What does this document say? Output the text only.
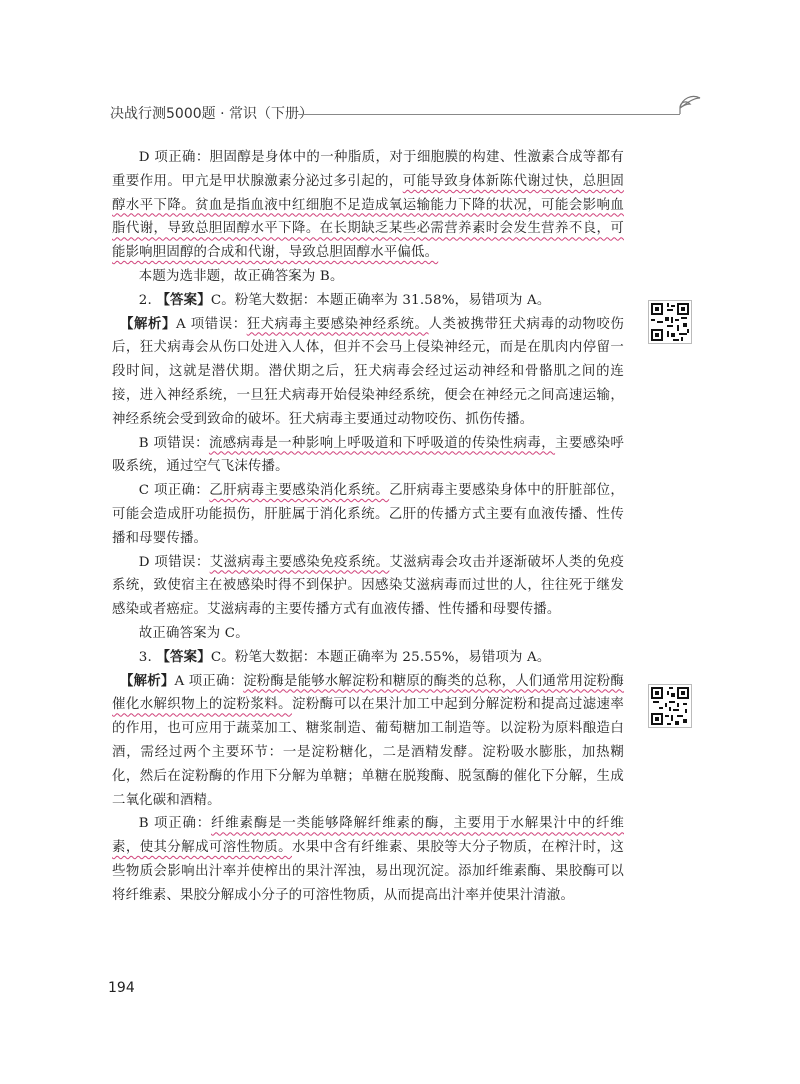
决战行测5000题 · 常识（下册）

D 项正确：胆固醇是身体中的一种脂质，对于细胞膜的构建、性激素合成等都有重要作用。甲亢是甲状腺激素分泌过多引起的，可能导致身体新陈代谢过快，总胆固醇水平下降。贫血是指血液中红细胞不足造成氧运输能力下降的状况，可能会影响血脂代谢，导致总胆固醇水平下降。在长期缺乏某些必需营养素时会发生营养不良，可能影响胆固醇的合成和代谢，导致总胆固醇水平偏低。

本题为选非题，故正确答案为 B。

2. 【答案】C。粉笔大数据：本题正确率为 31.58%，易错项为 A。

【解析】A 项错误：狂犬病毒主要感染神经系统。人类被携带狂犬病毒的动物咬伤后，狂犬病毒会从伤口处进入人体，但并不会马上侵染神经元，而是在肌肉内停留一段时间，这就是潜伏期。潜伏期之后，狂犬病毒会经过运动神经和骨骼肌之间的连接，进入神经系统，一旦狂犬病毒开始侵染神经系统，便会在神经元之间高速运输，神经系统会受到致命的破坏。狂犬病毒主要通过动物咬伤、抓伤传播。

B 项错误：流感病毒是一种影响上呼吸道和下呼吸道的传染性病毒，主要感染呼吸系统，通过空气飞沫传播。

C 项正确：乙肝病毒主要感染消化系统。乙肝病毒主要感染身体中的肝脏部位，可能会造成肝功能损伤，肝脏属于消化系统。乙肝的传播方式主要有血液传播、性传播和母婴传播。

D 项错误：艾滋病毒主要感染免疫系统。艾滋病毒会攻击并逐渐破坏人类的免疫系统，致使宿主在被感染时得不到保护。因感染艾滋病毒而过世的人，往往死于继发感染或者癌症。艾滋病毒的主要传播方式有血液传播、性传播和母婴传播。

故正确答案为 C。

3. 【答案】C。粉笔大数据：本题正确率为 25.55%，易错项为 A。

【解析】A 项正确：淀粉酶是能够水解淀粉和糖原的酶类的总称，人们通常用淀粉酶催化水解织物上的淀粉浆料。淀粉酶可以在果汁加工中起到分解淀粉和提高过滤速率的作用，也可应用于蔬菜加工、糖浆制造、葡萄糖加工制造等。以淀粉为原料酿造白酒，需经过两个主要环节：一是淀粉糖化，二是酒精发酵。淀粉吸水膨胀，加热糊化，然后在淀粉酶的作用下分解为单糖；单糖在脱羧酶、脱氢酶的催化下分解，生成二氧化碳和酒精。

B 项正确：纤维素酶是一类能够降解纤维素的酶，主要用于水解果汁中的纤维素，使其分解成可溶性物质。水果中含有纤维素、果胶等大分子物质，在榨汁时，这些物质会影响出汁率并使榨出的果汁浑浊，易出现沉淀。添加纤维素酶、果胶酶可以将纤维素、果胶分解成小分子的可溶性物质，从而提高出汁率并使果汁清澈。

194
